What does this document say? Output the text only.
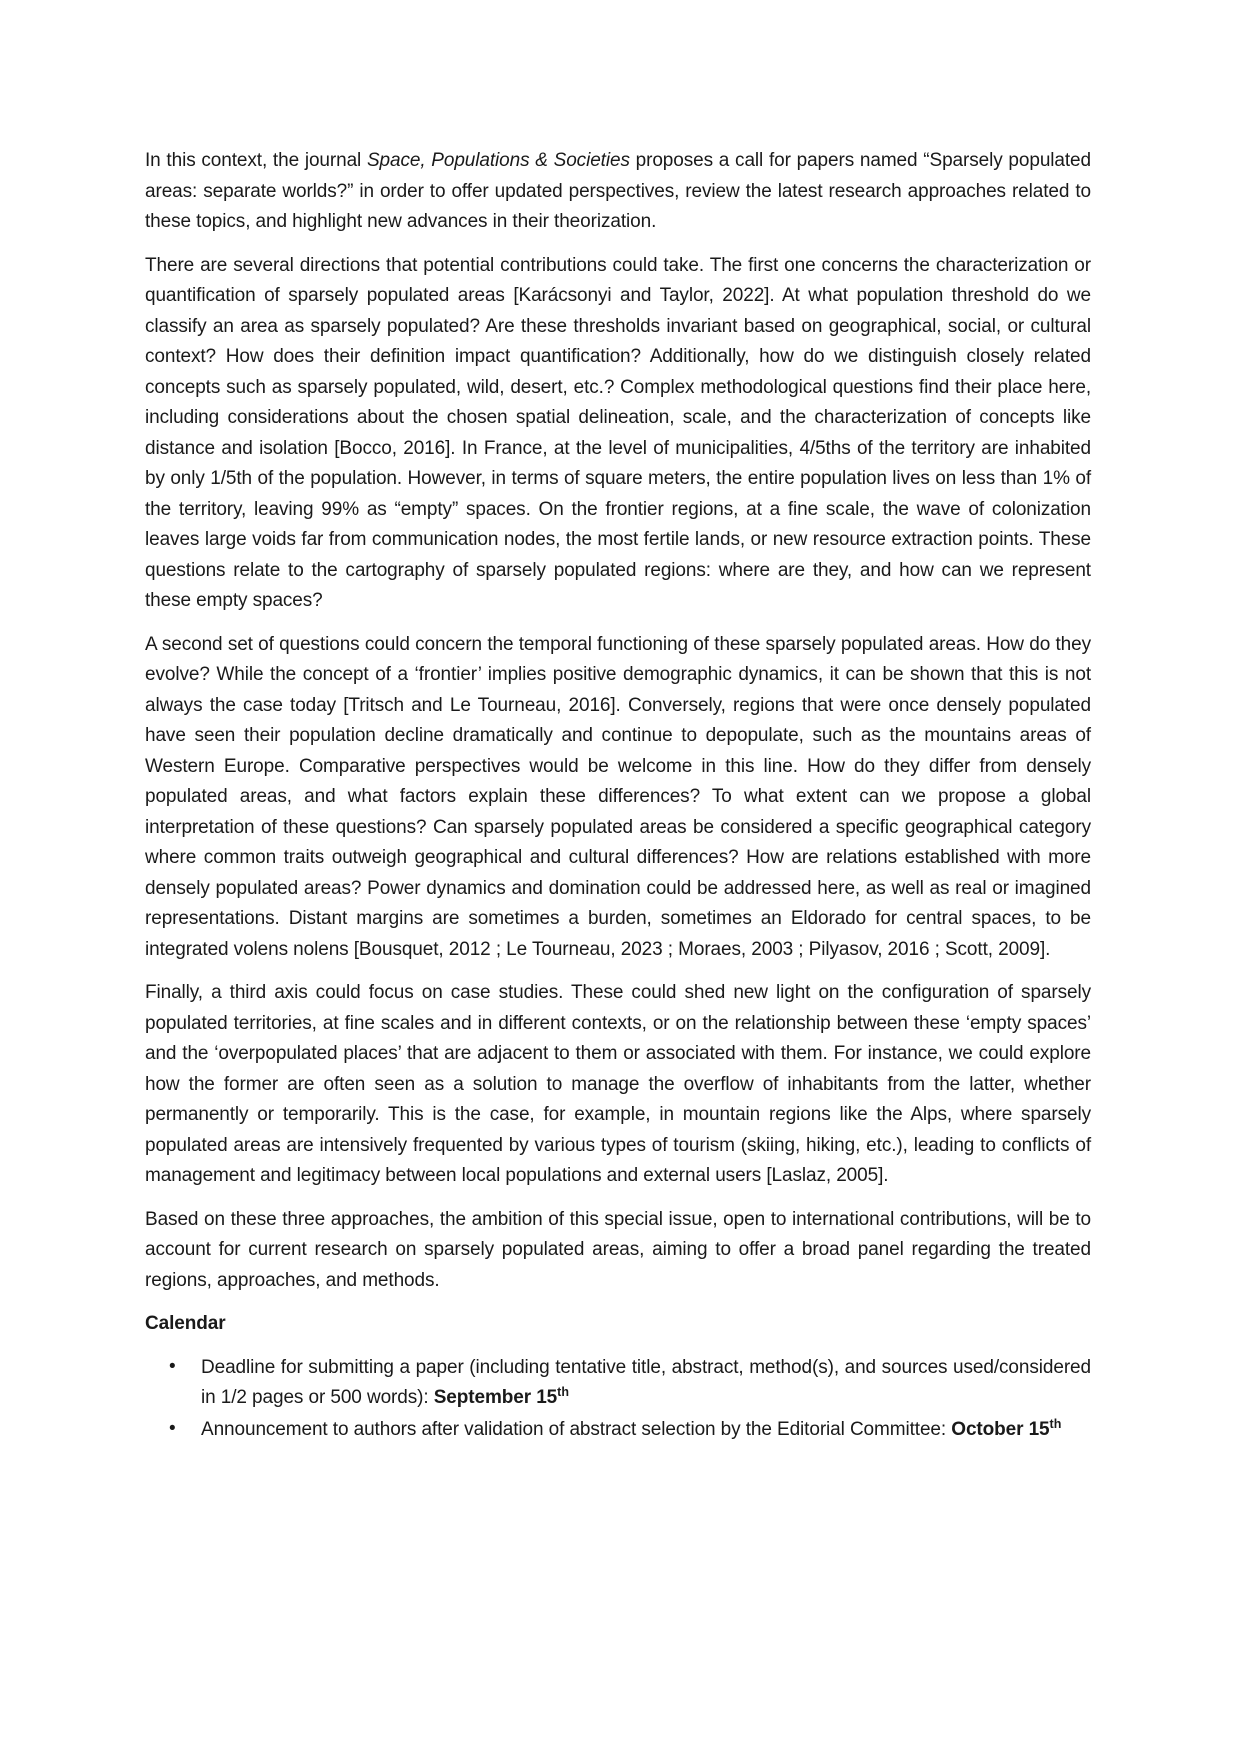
In this context, the journal Space, Populations & Societies proposes a call for papers named “Sparsely populated areas: separate worlds?” in order to offer updated perspectives, review the latest research approaches related to these topics, and highlight new advances in their theorization.

There are several directions that potential contributions could take. The first one concerns the characterization or quantification of sparsely populated areas [Karácsonyi and Taylor, 2022]. At what population threshold do we classify an area as sparsely populated? Are these thresholds invariant based on geographical, social, or cultural context? How does their definition impact quantification? Additionally, how do we distinguish closely related concepts such as sparsely populated, wild, desert, etc.? Complex methodological questions find their place here, including considerations about the chosen spatial delineation, scale, and the characterization of concepts like distance and isolation [Bocco, 2016]. In France, at the level of municipalities, 4/5ths of the territory are inhabited by only 1/5th of the population. However, in terms of square meters, the entire population lives on less than 1% of the territory, leaving 99% as “empty” spaces. On the frontier regions, at a fine scale, the wave of colonization leaves large voids far from communication nodes, the most fertile lands, or new resource extraction points. These questions relate to the cartography of sparsely populated regions: where are they, and how can we represent these empty spaces?

A second set of questions could concern the temporal functioning of these sparsely populated areas. How do they evolve? While the concept of a ‘frontier’ implies positive demographic dynamics, it can be shown that this is not always the case today [Tritsch and Le Tourneau, 2016]. Conversely, regions that were once densely populated have seen their population decline dramatically and continue to depopulate, such as the mountains areas of Western Europe. Comparative perspectives would be welcome in this line. How do they differ from densely populated areas, and what factors explain these differences? To what extent can we propose a global interpretation of these questions? Can sparsely populated areas be considered a specific geographical category where common traits outweigh geographical and cultural differences? How are relations established with more densely populated areas? Power dynamics and domination could be addressed here, as well as real or imagined representations. Distant margins are sometimes a burden, sometimes an Eldorado for central spaces, to be integrated volens nolens [Bousquet, 2012 ; Le Tourneau, 2023 ; Moraes, 2003 ; Pilyasov, 2016 ; Scott, 2009].

Finally, a third axis could focus on case studies. These could shed new light on the configuration of sparsely populated territories, at fine scales and in different contexts, or on the relationship between these ‘empty spaces’ and the ‘overpopulated places’ that are adjacent to them or associated with them. For instance, we could explore how the former are often seen as a solution to manage the overflow of inhabitants from the latter, whether permanently or temporarily. This is the case, for example, in mountain regions like the Alps, where sparsely populated areas are intensively frequented by various types of tourism (skiing, hiking, etc.), leading to conflicts of management and legitimacy between local populations and external users [Laslaz, 2005].

Based on these three approaches, the ambition of this special issue, open to international contributions, will be to account for current research on sparsely populated areas, aiming to offer a broad panel regarding the treated regions, approaches, and methods.

Calendar

• Deadline for submitting a paper (including tentative title, abstract, method(s), and sources used/considered in 1/2 pages or 500 words): September 15th
• Announcement to authors after validation of abstract selection by the Editorial Committee: October 15th
